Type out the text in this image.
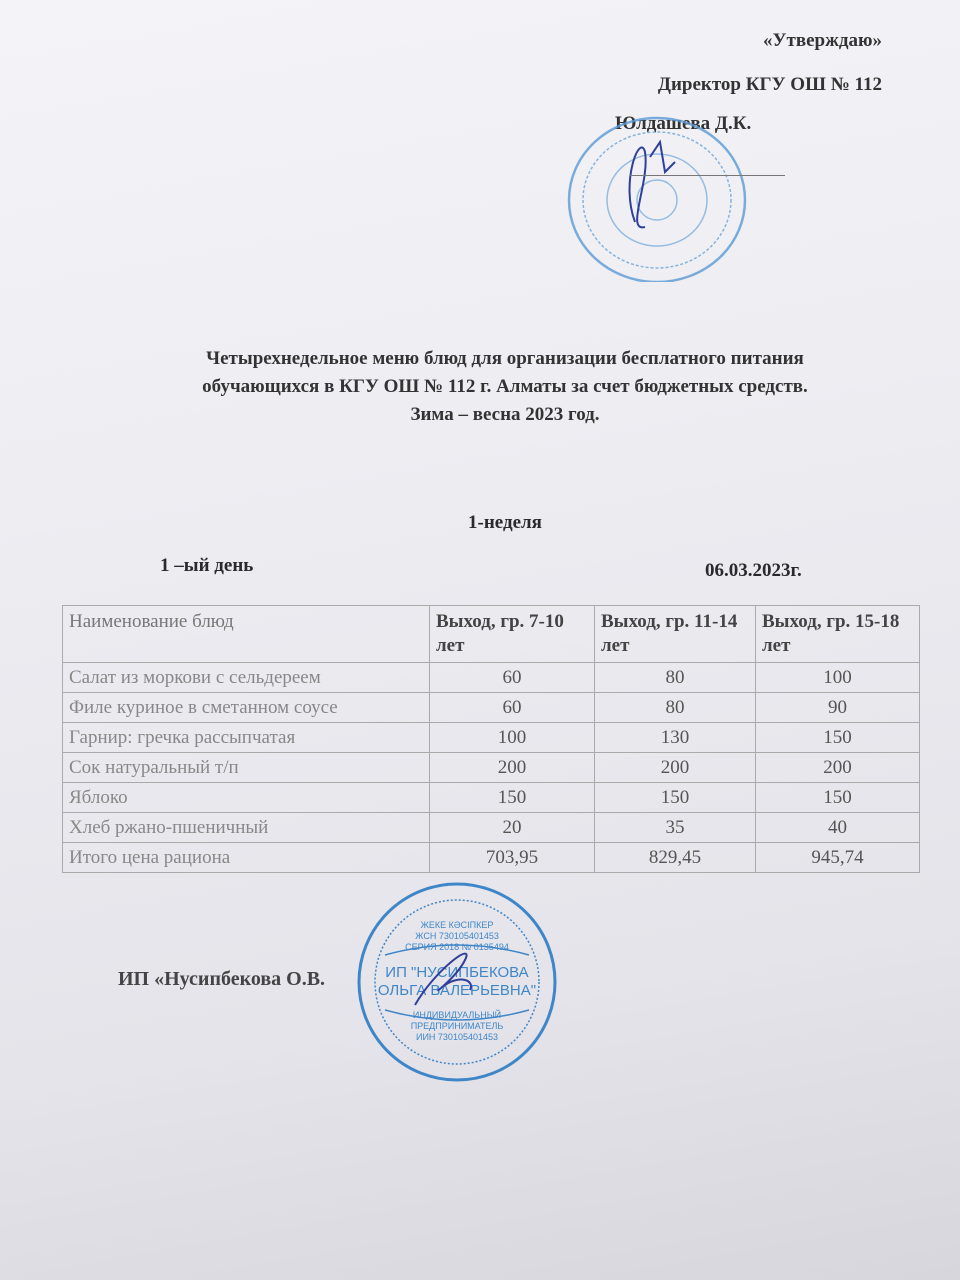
«Утверждаю»
Директор КГУ ОШ № 112
Юлдашева Д.К.
Четырехнедельное меню блюд для организации бесплатного питания
обучающихся в КГУ ОШ № 112 г. Алматы за счет бюджетных средств.
Зима – весна 2023 год.
1-неделя
1 –ый день	06.03.2023г.
Наименование блюд	Выход, гр. 7-10 лет	Выход, гр. 11-14 лет	Выход, гр. 15-18 лет
Салат из моркови с сельдереем	60	80	100
Филе куриное в сметанном соусе	60	80	90
Гарнир: гречка рассыпчатая	100	130	150
Сок натуральный т/п	200	200	200
Яблоко	150	150	150
Хлеб ржано-пшеничный	20	35	40
Итого цена рациона	703,95	829,45	945,74
ИП «Нусипбекова О.В.
ЖЕКЕ КӘСІПКЕР
ЖСН 730105401453
СЕРИЯ 2018 № 0135494
ИП "НУСИПБЕКОВА
ОЛЬГА ВАЛЕРЬЕВНА"
ИНДИВИДУАЛЬНЫЙ
ПРЕДПРИНИМАТЕЛЬ
ИИН 730105401453
